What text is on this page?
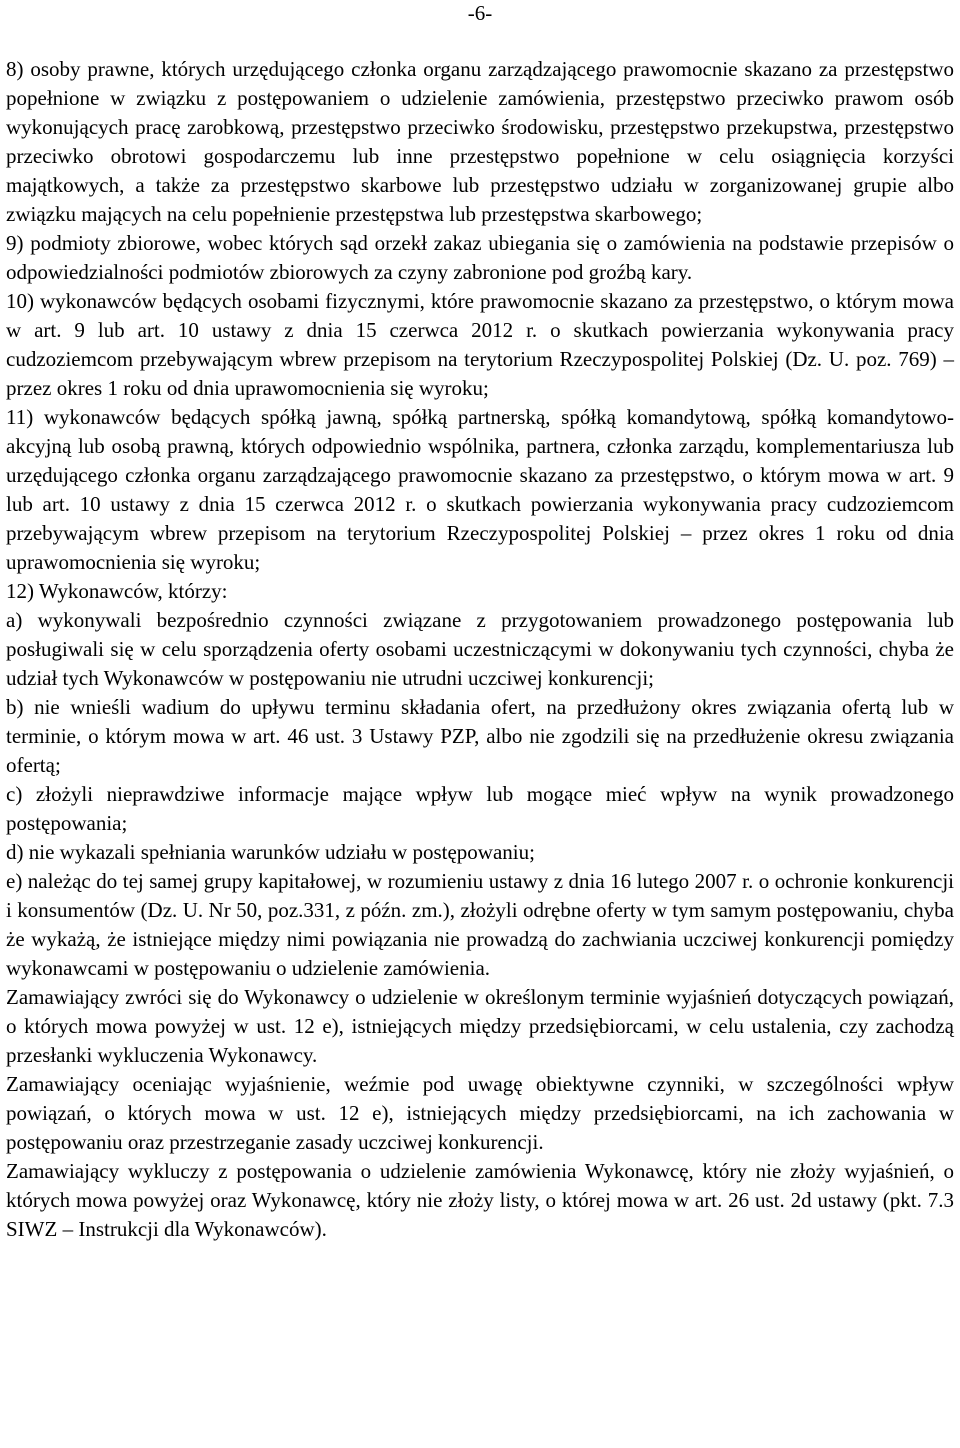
-6-

8) osoby prawne, których urzędującego członka organu zarządzającego prawomocnie skazano za przestępstwo popełnione w związku z postępowaniem o udzielenie zamówienia, przestępstwo przeciwko prawom osób wykonujących pracę zarobkową, przestępstwo przeciwko środowisku, przestępstwo przekupstwa, przestępstwo przeciwko obrotowi gospodarczemu lub inne przestępstwo popełnione w celu osiągnięcia korzyści majątkowych, a także za przestępstwo skarbowe lub przestępstwo udziału w zorganizowanej grupie albo związku mających na celu popełnienie przestępstwa lub przestępstwa skarbowego;

9) podmioty zbiorowe, wobec których sąd orzekł zakaz ubiegania się o zamówienia na podstawie przepisów o odpowiedzialności podmiotów zbiorowych za czyny zabronione pod groźbą kary.

10) wykonawców będących osobami fizycznymi, które prawomocnie skazano za przestępstwo, o którym mowa w art. 9 lub art. 10 ustawy z dnia 15 czerwca 2012 r. o skutkach powierzania wykonywania pracy cudzoziemcom przebywającym wbrew przepisom na terytorium Rzeczypospolitej Polskiej (Dz. U. poz. 769) – przez okres 1 roku od dnia uprawomocnienia się wyroku;

11) wykonawców będących spółką jawną, spółką partnerską, spółką komandytową, spółką komandytowo-akcyjną lub osobą prawną, których odpowiednio wspólnika, partnera, członka zarządu, komplementariusza lub urzędującego członka organu zarządzającego prawomocnie skazano za przestępstwo, o którym mowa w art. 9 lub art. 10 ustawy z dnia 15 czerwca 2012 r. o skutkach powierzania wykonywania pracy cudzoziemcom przebywającym wbrew przepisom na terytorium Rzeczypospolitej Polskiej – przez okres 1 roku od dnia uprawomocnienia się wyroku;

12) Wykonawców, którzy:

a) wykonywali bezpośrednio czynności związane z przygotowaniem prowadzonego postępowania lub posługiwali się w celu sporządzenia oferty osobami uczestniczącymi w dokonywaniu tych czynności, chyba że udział tych Wykonawców w postępowaniu nie utrudni uczciwej konkurencji;

b) nie wnieśli wadium do upływu terminu składania ofert, na przedłużony okres związania ofertą lub w terminie, o którym mowa w art. 46 ust. 3 Ustawy PZP, albo nie zgodzili się na przedłużenie okresu związania ofertą;

c) złożyli nieprawdziwe informacje mające wpływ lub mogące mieć wpływ na wynik prowadzonego postępowania;

d) nie wykazali spełniania warunków udziału w postępowaniu;

e) należąc do tej samej grupy kapitałowej, w rozumieniu ustawy z dnia 16 lutego 2007 r. o ochronie konkurencji i konsumentów (Dz. U. Nr 50, poz.331, z późn. zm.), złożyli odrębne oferty w tym samym postępowaniu, chyba że wykażą, że istniejące między nimi powiązania nie prowadzą do zachwiania uczciwej konkurencji pomiędzy wykonawcami w postępowaniu o udzielenie zamówienia.

Zamawiający zwróci się do Wykonawcy o udzielenie w określonym terminie wyjaśnień dotyczących powiązań, o których mowa powyżej w ust. 12 e), istniejących między przedsiębiorcami, w celu ustalenia, czy zachodzą przesłanki wykluczenia Wykonawcy.

Zamawiający oceniając wyjaśnienie, weźmie pod uwagę obiektywne czynniki, w szczególności wpływ powiązań, o których mowa w ust. 12 e), istniejących między przedsiębiorcami, na ich zachowania w postępowaniu oraz przestrzeganie zasady uczciwej konkurencji.

Zamawiający wykluczy z postępowania o udzielenie zamówienia Wykonawcę, który nie złoży wyjaśnień, o których mowa powyżej oraz Wykonawcę, który nie złoży listy, o której mowa w art. 26 ust. 2d ustawy (pkt. 7.3 SIWZ – Instrukcji dla Wykonawców).
